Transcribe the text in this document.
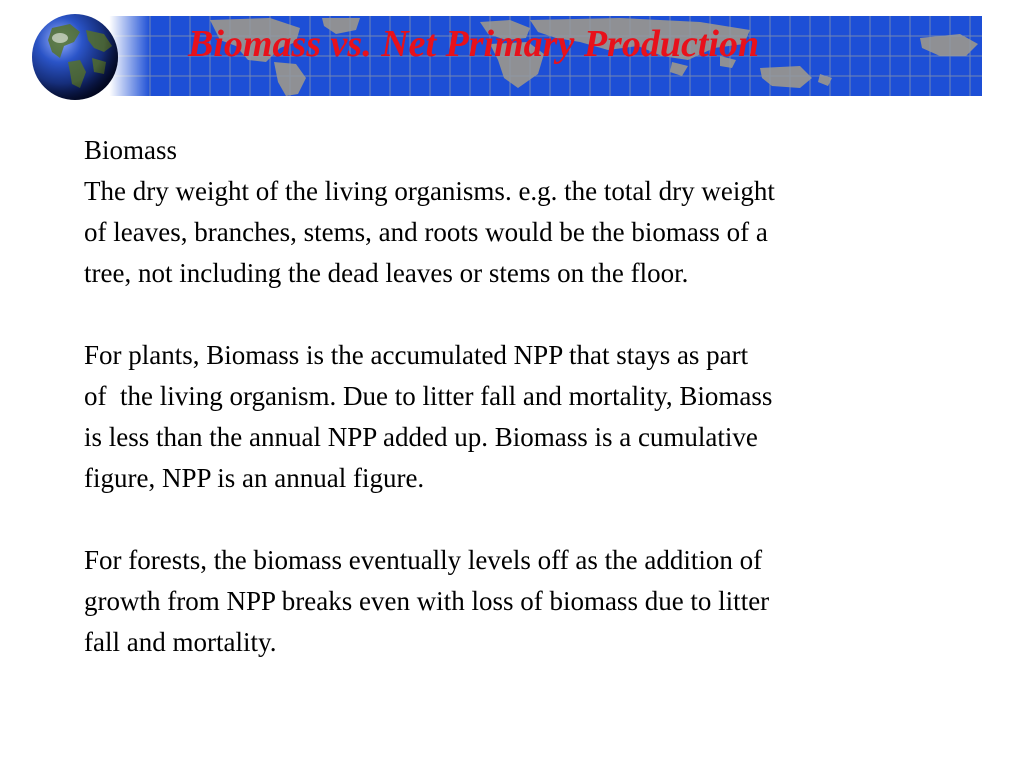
Biomass vs. Net Primary Production

Biomass

The dry weight of the living organisms. e.g. the total dry weight

of leaves, branches, stems, and roots would be the biomass of a

tree, not including the dead leaves or stems on the floor.

For plants, Biomass is the accumulated NPP that stays as part

of  the living organism. Due to litter fall and mortality, Biomass

is less than the annual NPP added up. Biomass is a cumulative

figure, NPP is an annual figure.

For forests, the biomass eventually levels off as the addition of

growth from NPP breaks even with loss of biomass due to litter

fall and mortality.
